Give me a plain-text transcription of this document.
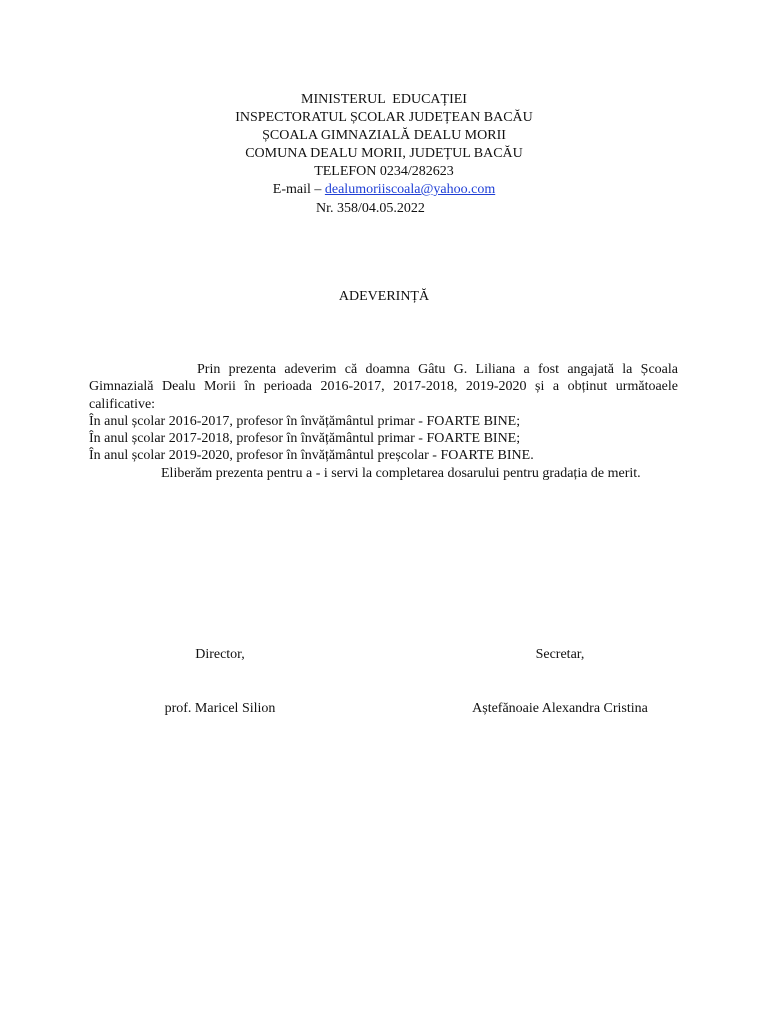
MINISTERUL  EDUCAȚIEI
INSPECTORATUL ȘCOLAR JUDEȚEAN BACĂU
ȘCOALA GIMNAZIALĂ DEALU MORII
COMUNA DEALU MORII, JUDEȚUL BACĂU
TELEFON 0234/282623
E-mail – dealumoriiscoala@yahoo.com
Nr. 358/04.05.2022
ADEVERINȚĂ

Prin prezenta adeverim că doamna Gâtu G. Liliana a fost angajată la Școala Gimnazială Dealu Morii în perioada 2016-2017, 2017-2018, 2019-2020 și a obținut următoaele calificative:

În anul școlar 2016-2017, profesor în învățământul primar - FOARTE BINE;

În anul școlar 2017-2018, profesor în învățământul primar - FOARTE BINE;

În anul școlar 2019-2020, profesor în învățământul preșcolar - FOARTE BINE.

Eliberăm prezenta pentru a - i servi la completarea dosarului pentru gradația de merit.

Director,

prof. Maricel Silion

Secretar,

Aștefănoaie Alexandra Cristina
